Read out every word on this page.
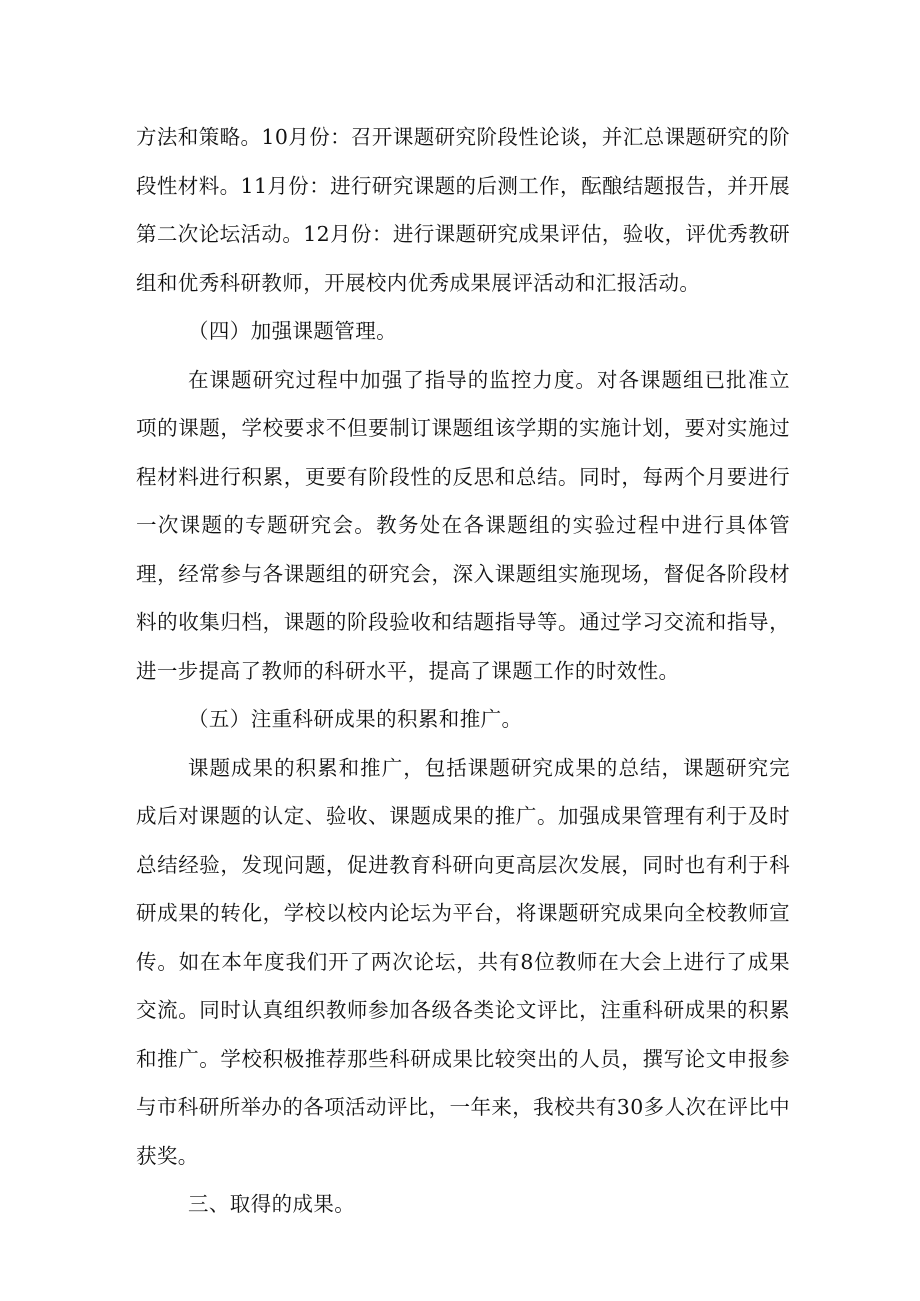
方法和策略。10月份：召开课题研究阶段性论谈，并汇总课题研究的阶段性材料。11月份：进行研究课题的后测工作，酝酿结题报告，并开展第二次论坛活动。12月份：进行课题研究成果评估，验收，评优秀教研组和优秀科研教师，开展校内优秀成果展评活动和汇报活动。

（四）加强课题管理。

在课题研究过程中加强了指导的监控力度。对各课题组已批准立项的课题，学校要求不但要制订课题组该学期的实施计划，要对实施过程材料进行积累，更要有阶段性的反思和总结。同时，每两个月要进行一次课题的专题研究会。教务处在各课题组的实验过程中进行具体管理，经常参与各课题组的研究会，深入课题组实施现场，督促各阶段材料的收集归档，课题的阶段验收和结题指导等。通过学习交流和指导，进一步提高了教师的科研水平，提高了课题工作的时效性。

（五）注重科研成果的积累和推广。

课题成果的积累和推广，包括课题研究成果的总结，课题研究完成后对课题的认定、验收、课题成果的推广。加强成果管理有利于及时总结经验，发现问题，促进教育科研向更高层次发展，同时也有利于科研成果的转化，学校以校内论坛为平台，将课题研究成果向全校教师宣传。如在本年度我们开了两次论坛，共有8位教师在大会上进行了成果交流。同时认真组织教师参加各级各类论文评比，注重科研成果的积累和推广。学校积极推荐那些科研成果比较突出的人员，撰写论文申报参与市科研所举办的各项活动评比，一年来，我校共有30多人次在评比中获奖。

三、取得的成果。
